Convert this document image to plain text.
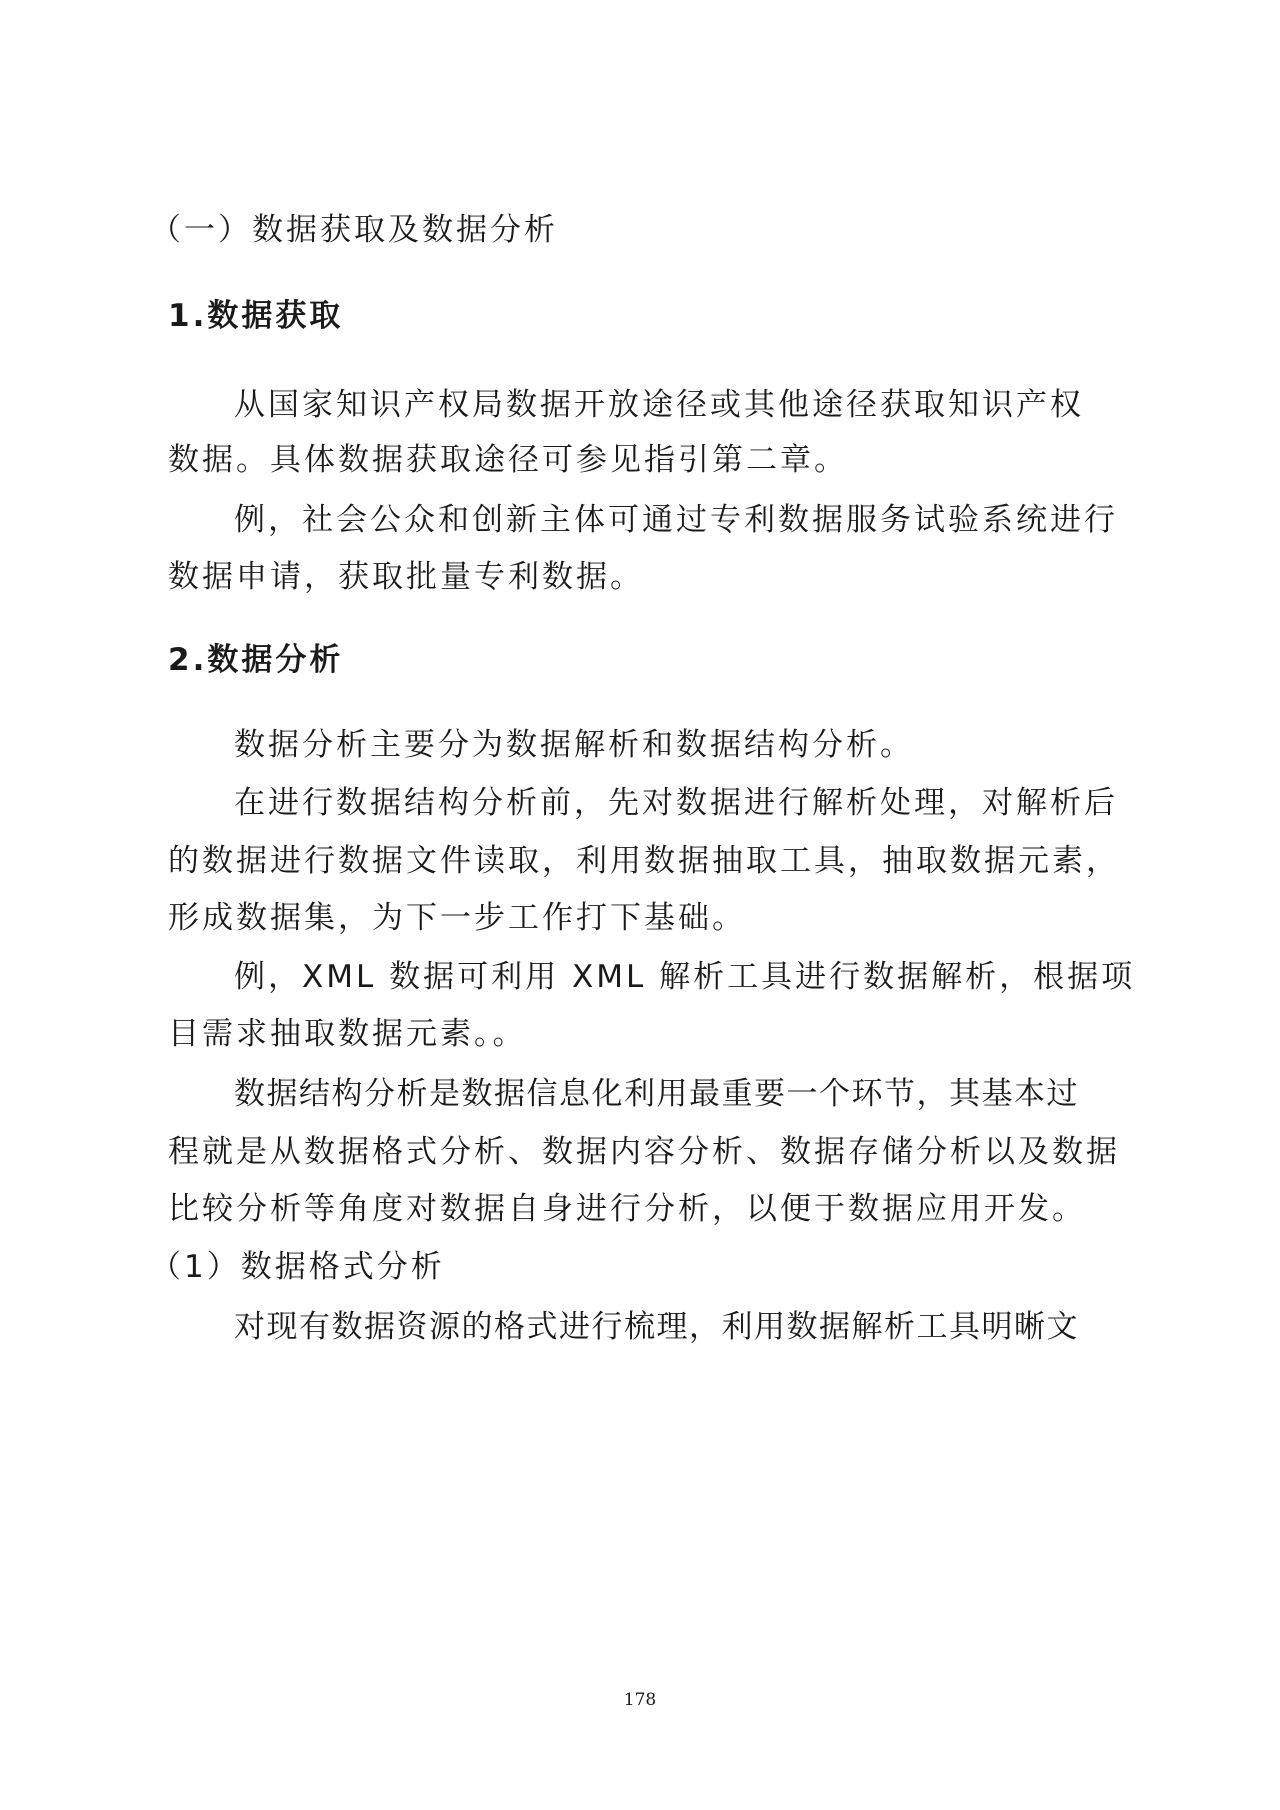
（一）数据获取及数据分析
1.数据获取
从国家知识产权局数据开放途径或其他途径获取知识产权
数据。具体数据获取途径可参见指引第二章。
例，社会公众和创新主体可通过专利数据服务试验系统进行
数据申请，获取批量专利数据。
2.数据分析
数据分析主要分为数据解析和数据结构分析。
在进行数据结构分析前，先对数据进行解析处理，对解析后
的数据进行数据文件读取，利用数据抽取工具，抽取数据元素，
形成数据集，为下一步工作打下基础。
例，XML 数据可利用 XML 解析工具进行数据解析，根据项
目需求抽取数据元素。。
数据结构分析是数据信息化利用最重要一个环节，其基本过
程就是从数据格式分析、数据内容分析、数据存储分析以及数据
比较分析等角度对数据自身进行分析，以便于数据应用开发。
（1）数据格式分析
对现有数据资源的格式进行梳理，利用数据解析工具明晰文
178
